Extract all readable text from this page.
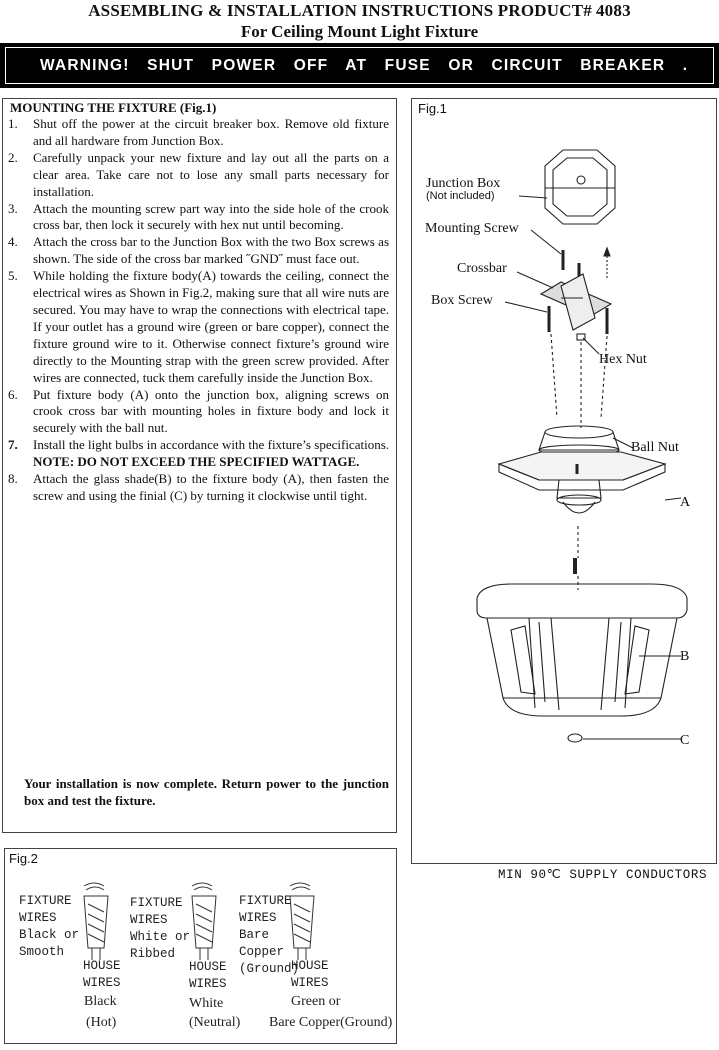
ASSEMBLING & INSTALLATION INSTRUCTIONS PRODUCT# 4083
For Ceiling Mount Light Fixture
WARNING! SHUT POWER OFF AT FUSE OR CIRCUIT BREAKER .
MOUNTING THE FIXTURE (Fig.1)
1. Shut off the power at the circuit breaker box. Remove old fixture and all hardware from Junction Box.
2. Carefully unpack your new fixture and lay out all the parts on a clear area. Take care not to lose any small parts necessary for installation.
3. Attach the mounting screw part way into the side hole of the crook cross bar, then lock it securely with hex nut until becoming.
4. Attach the cross bar to the Junction Box with the two Box screws as shown. The side of the cross bar marked ˝GND˝ must face out.
5. While holding the fixture body(A) towards the ceiling, connect the electrical wires as Shown in Fig.2, making sure that all wire nuts are secured. You may have to wrap the connections with electrical tape. If your outlet has a ground wire (green or bare copper), connect the fixture ground wire to it. Otherwise connect fixture’s ground wire directly to the Mounting strap with the green screw provided. After wires are connected, tuck them carefully inside the Junction Box.
6. Put fixture body (A) onto the junction box, aligning screws on crook cross bar with mounting holes in fixture body and lock it securely with the ball nut.
7. Install the light bulbs in accordance with the fixture’s specifications. NOTE: DO NOT EXCEED THE SPECIFIED WATTAGE.
8. Attach the glass shade(B) to the fixture body (A), then fasten the screw and using the finial (C) by turning it clockwise until tight.
Your installation is now complete. Return power to the junction box and test the fixture.
Fig.1
Junction Box
(Not included)
Mounting Screw
Crossbar
Box Screw
Hex Nut
Ball Nut
A
B
C
MIN 90℃ SUPPLY CONDUCTORS
Fig.2
FIXTURE
WIRES
Black or
Smooth
HOUSE
WIRES
Black
(Hot)
FIXTURE
WIRES
White or
Ribbed
HOUSE
WIRES
White
(Neutral)
FIXTURE
WIRES
Bare
Copper
(Ground)
HOUSE
WIRES
Green or
Bare Copper(Ground)
